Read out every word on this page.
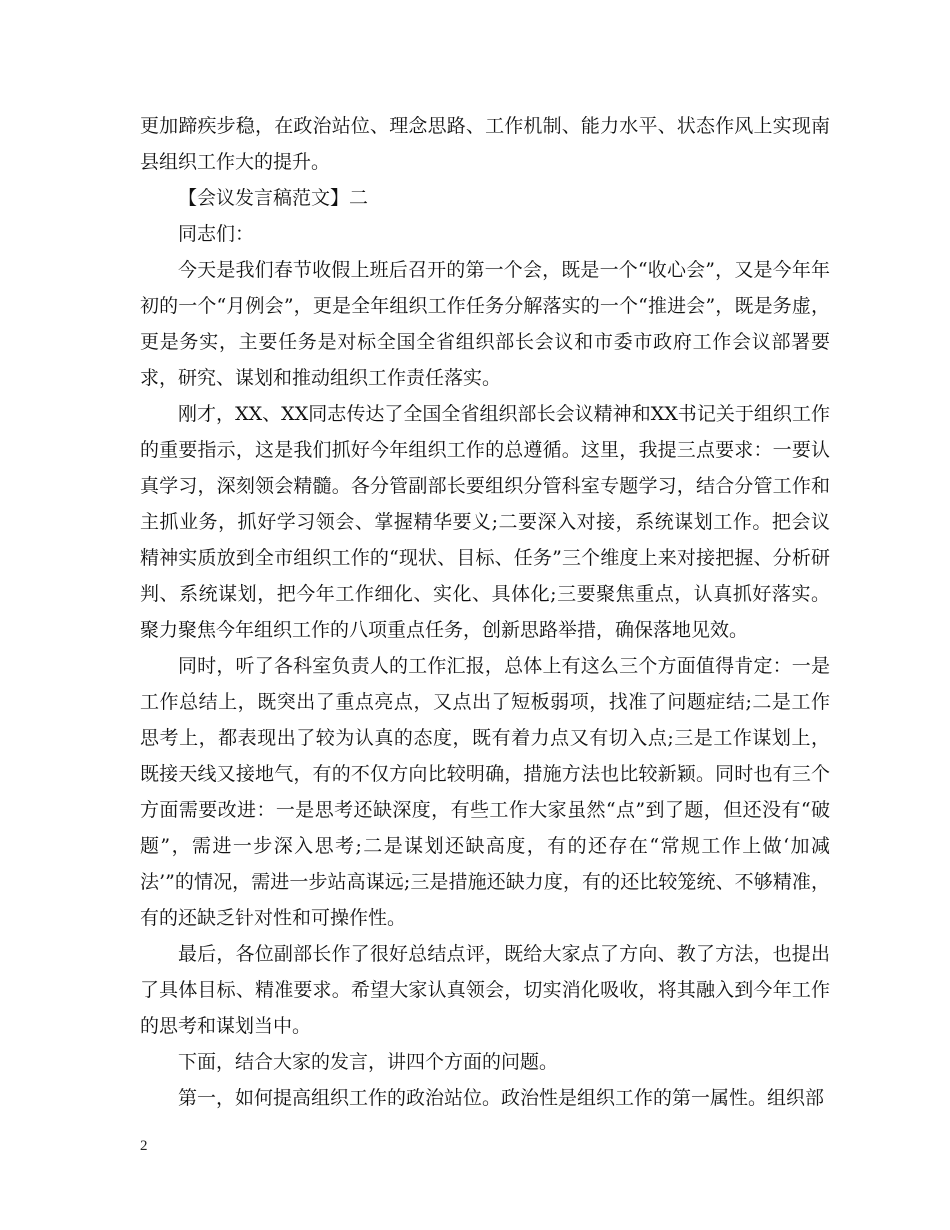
更加蹄疾步稳，在政治站位、理念思路、工作机制、能力水平、状态作风上实现南县组织工作大的提升。

【会议发言稿范文】二

同志们：

今天是我们春节收假上班后召开的第一个会，既是一个“收心会”，又是今年年初的一个“月例会”，更是全年组织工作任务分解落实的一个“推进会”，既是务虚，更是务实，主要任务是对标全国全省组织部长会议和市委市政府工作会议部署要求，研究、谋划和推动组织工作责任落实。

刚才，XX、XX同志传达了全国全省组织部长会议精神和XX书记关于组织工作的重要指示，这是我们抓好今年组织工作的总遵循。这里，我提三点要求：一要认真学习，深刻领会精髓。各分管副部长要组织分管科室专题学习，结合分管工作和主抓业务，抓好学习领会、掌握精华要义;二要深入对接，系统谋划工作。把会议精神实质放到全市组织工作的“现状、目标、任务”三个维度上来对接把握、分析研判、系统谋划，把今年工作细化、实化、具体化;三要聚焦重点，认真抓好落实。聚力聚焦今年组织工作的八项重点任务，创新思路举措，确保落地见效。

同时，听了各科室负责人的工作汇报，总体上有这么三个方面值得肯定：一是工作总结上，既突出了重点亮点，又点出了短板弱项，找准了问题症结;二是工作思考上，都表现出了较为认真的态度，既有着力点又有切入点;三是工作谋划上，既接天线又接地气，有的不仅方向比较明确，措施方法也比较新颖。同时也有三个方面需要改进：一是思考还缺深度，有些工作大家虽然“点”到了题，但还没有“破题”，需进一步深入思考;二是谋划还缺高度，有的还存在“常规工作上做‘加减法’”的情况，需进一步站高谋远;三是措施还缺力度，有的还比较笼统、不够精准，有的还缺乏针对性和可操作性。

最后，各位副部长作了很好总结点评，既给大家点了方向、教了方法，也提出了具体目标、精准要求。希望大家认真领会，切实消化吸收，将其融入到今年工作的思考和谋划当中。

下面，结合大家的发言，讲四个方面的问题。

第一，如何提高组织工作的政治站位。政治性是组织工作的第一属性。组织部

2
